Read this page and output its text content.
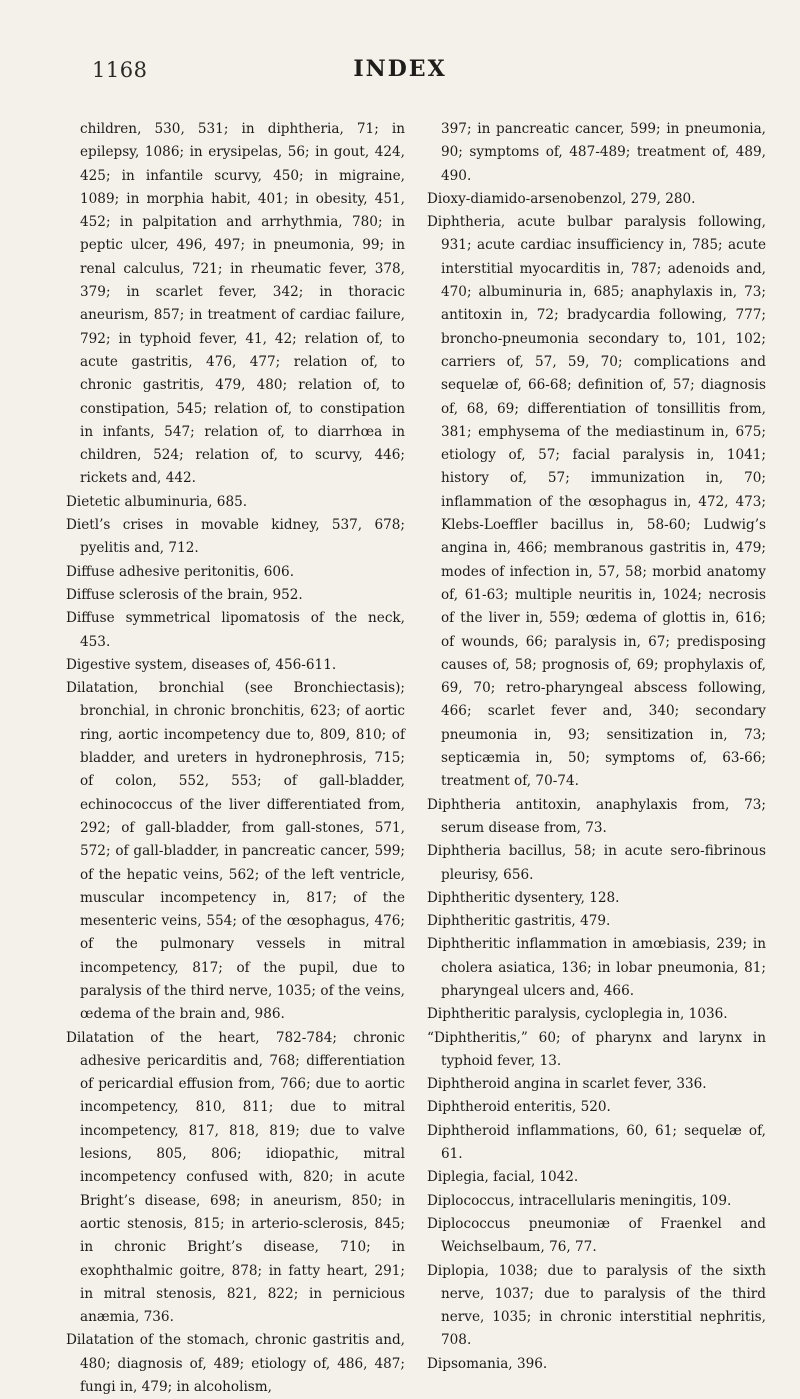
1168	INDEX

children, 530, 531; in diphtheria, 71; in epilepsy, 1086; in erysipelas, 56; in gout, 424, 425; in infantile scurvy, 450; in migraine, 1089; in morphia habit, 401; in obesity, 451, 452; in palpitation and arrhythmia, 780; in peptic ulcer, 496, 497; in pneumonia, 99; in renal calculus, 721; in rheumatic fever, 378, 379; in scarlet fever, 342; in thoracic aneurism, 857; in treatment of cardiac failure, 792; in typhoid fever, 41, 42; relation of, to acute gastritis, 476, 477; relation of, to chronic gastritis, 479, 480; relation of, to constipation, 545; relation of, to constipation in infants, 547; relation of, to diarrhœa in children, 524; relation of, to scurvy, 446; rickets and, 442.

Dietetic albuminuria, 685.

Dietl’s crises in movable kidney, 537, 678; pyelitis and, 712.

Diffuse adhesive peritonitis, 606.

Diffuse sclerosis of the brain, 952.

Diffuse symmetrical lipomatosis of the neck, 453.

Digestive system, diseases of, 456-611.

Dilatation, bronchial (see Bronchiectasis); bronchial, in chronic bronchitis, 623; of aortic ring, aortic incompetency due to, 809, 810; of bladder, and ureters in hydronephrosis, 715; of colon, 552, 553; of gall-bladder, echinococcus of the liver differentiated from, 292; of gall-bladder, from gall-stones, 571, 572; of gall-bladder, in pancreatic cancer, 599; of the hepatic veins, 562; of the left ventricle, muscular incompetency in, 817; of the mesenteric veins, 554; of the œsophagus, 476; of the pulmonary vessels in mitral incompetency, 817; of the pupil, due to paralysis of the third nerve, 1035; of the veins, œdema of the brain and, 986.

Dilatation of the heart, 782-784; chronic adhesive pericarditis and, 768; differentiation of pericardial effusion from, 766; due to aortic incompetency, 810, 811; due to mitral incompetency, 817, 818, 819; due to valve lesions, 805, 806; idiopathic, mitral incompetency confused with, 820; in acute Bright’s disease, 698; in aneurism, 850; in aortic stenosis, 815; in arterio-sclerosis, 845; in chronic Bright’s disease, 710; in exophthalmic goitre, 878; in fatty heart, 291; in mitral stenosis, 821, 822; in pernicious anæmia, 736.

Dilatation of the stomach, chronic gastritis and, 480; diagnosis of, 489; etiology of, 486, 487; fungi in, 479; in alcoholism,

397; in pancreatic cancer, 599; in pneumonia, 90; symptoms of, 487-489; treatment of, 489, 490.

Dioxy-diamido-arsenobenzol, 279, 280.

Diphtheria, acute bulbar paralysis following, 931; acute cardiac insufficiency in, 785; acute interstitial myocarditis in, 787; adenoids and, 470; albuminuria in, 685; anaphylaxis in, 73; antitoxin in, 72; bradycardia following, 777; broncho-pneumonia secondary to, 101, 102; carriers of, 57, 59, 70; complications and sequelæ of, 66-68; definition of, 57; diagnosis of, 68, 69; differentiation of tonsillitis from, 381; emphysema of the mediastinum in, 675; etiology of, 57; facial paralysis in, 1041; history of, 57; immunization in, 70; inflammation of the œsophagus in, 472, 473; Klebs-Loeffler bacillus in, 58-60; Ludwig’s angina in, 466; membranous gastritis in, 479; modes of infection in, 57, 58; morbid anatomy of, 61-63; multiple neuritis in, 1024; necrosis of the liver in, 559; œdema of glottis in, 616; of wounds, 66; paralysis in, 67; predisposing causes of, 58; prognosis of, 69; prophylaxis of, 69, 70; retro-pharyngeal abscess following, 466; scarlet fever and, 340; secondary pneumonia in, 93; sensitization in, 73; septicæmia in, 50; symptoms of, 63-66; treatment of, 70-74.

Diphtheria antitoxin, anaphylaxis from, 73; serum disease from, 73.

Diphtheria bacillus, 58; in acute sero-fibrinous pleurisy, 656.

Diphtheritic dysentery, 128.

Diphtheritic gastritis, 479.

Diphtheritic inflammation in amœbiasis, 239; in cholera asiatica, 136; in lobar pneumonia, 81; pharyngeal ulcers and, 466.

Diphtheritic paralysis, cycloplegia in, 1036.

“Diphtheritis,” 60; of pharynx and larynx in typhoid fever, 13.

Diphtheroid angina in scarlet fever, 336.

Diphtheroid enteritis, 520.

Diphtheroid inflammations, 60, 61; sequelæ of, 61.

Diplegia, facial, 1042.

Diplococcus, intracellularis meningitis, 109.

Diplococcus pneumoniæ of Fraenkel and Weichselbaum, 76, 77.

Diplopia, 1038; due to paralysis of the sixth nerve, 1037; due to paralysis of the third nerve, 1035; in chronic interstitial nephritis, 708.

Dipsomania, 396.
